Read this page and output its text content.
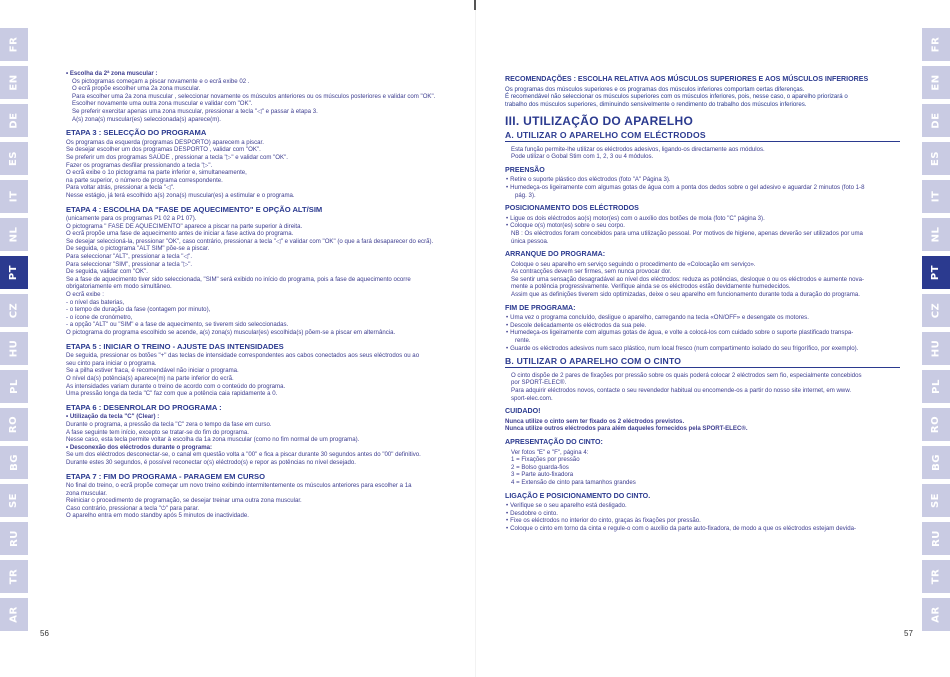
FR
EN
DE
ES
IT
NL
PT
CZ
HU
PL
RO
BG
SE
RU
TR
AR
• Escolha da 2ª zona muscular :
Os pictogramas começam a piscar novamente e o ecrã exibe 02 .
O ecrã propõe escolher uma 2a zona muscular.
Para escolher uma 2a zona muscular , seleccionar novamente os músculos anteriores ou os músculos posteriores e validar com "OK".
Escolher novamente uma outra zona muscular e validar com "OK".
Se preferir exercitar apenas uma zona muscular, pressionar a tecla "◁" e passar à etapa 3.
A(s) zona(s) muscular(es) seleccionada(s) aparece(m).
ETAPA 3 : SELECÇÃO DO PROGRAMA
Os programas da esquerda (programas DESPORTO) aparecem a piscar.
Se desejar escolher um dos programas DESPORTO , validar com "OK".
Se preferir um dos programas SAÚDE , pressionar a tecla "▷" e validar com "OK".
Fazer os programas desfilar pressionando a tecla "▷".
O ecrã exibe o 1o pictograma na parte inferior e, simultaneamente,
na parte superior, o número de programa correspondente.
Para voltar atrás, pressionar a tecla "◁".
Nesse estágio, já terá escolhido a(s) zona(s) muscular(es) a estimular e o programa.
ETAPA 4 : ESCOLHA DA "FASE DE AQUECIMENTO" E OPÇÃO ALT/SIM
(unicamente para os programas P1 02 a P1 07).
O pictograma " FASE DE AQUECIMENTO" aparece a piscar na parte superior à direita.
O ecrã propõe uma fase de aquecimento antes de iniciar a fase activa do programa.
Se desejar seleccioná-la, pressionar "OK", caso contrário, pressionar a tecla "◁" e validar com "OK" (o que a fará desaparecer do ecrã).
De seguida, o pictograma "ALT SIM" põe-se a piscar.
Para seleccionar "ALT", pressionar a tecla "◁".
Para seleccionar "SIM", pressionar a tecla "▷".
De seguida, validar com "OK".
Se a fase de aquecimento tiver sido seleccionada, "SIM" será exibido no início do programa, pois a fase de aquecimento ocorre
obrigatoriamente em modo simultâneo.
O ecrã exibe :
- o nível das baterias,
- o tempo de duração da fase (contagem por minuto),
- o ícone de cronómetro,
- a opção "ALT" ou "SIM" e a fase de aquecimento, se tiverem sido seleccionadas.
O pictograma do programa escolhido se acende, a(s) zona(s) muscular(es) escolhida(s) põem-se a piscar em alternância.
ETAPA 5 : INICIAR O TREINO - AJUSTE DAS INTENSIDADES
De seguida, pressionar os botões "+" das teclas de intensidade correspondentes aos cabos conectados aos seus eléctrodos ou ao
seu cinto para iniciar o programa.
Se a pilha estiver fraca, é recomendável não iniciar o programa.
O nível da(s) potência(s) aparece(m) na parte inferior do ecrã.
As intensidades variam durante o treino de acordo com o conteúdo do programa.
Uma pressão longa da tecla "C" faz com que a potência caia rapidamente a 0.
ETAPA 6 : DESENROLAR DO PROGRAMA :
• Utilização da tecla "C" (Clear) :
Durante o programa, a pressão da tecla "C" zera o tempo da fase em curso.
A fase seguinte tem início, excepto se tratar-se do fim do programa.
Nesse caso, esta tecla permite voltar à escolha da 1a zona muscular (como no fim normal de um programa).
• Desconexão dos eléctrodos durante o programa:
Se um dos eléctrodos desconectar-se, o canal em questão volta a "00" e fica a piscar durante 30 segundos antes do "00" definitivo.
Durante estes 30 segundos, é possível reconectar o(s) eléctrodo(s) e repor as potências no nível desejado.
ETAPA 7 : FIM DO PROGRAMA - PARAGEM EM CURSO
No final do treino, o ecrã propõe começar um novo treino exibindo intermitentemente os músculos anteriores para escolher a 1a
zona muscular.
Reiniciar o procedimento de programação, se desejar treinar uma outra zona muscular.
Caso contrário, pressionar a tecla "⏻" para parar.
O aparelho entra em modo standby após 5 minutos de inactividade.
56
FR
EN
DE
ES
IT
NL
PT
CZ
HU
PL
RO
BG
SE
RU
TR
AR
RECOMENDAÇÕES : ESCOLHA RELATIVA AOS MÚSCULOS SUPERIORES E AOS MÚSCULOS INFERIORES
Os programas dos músculos superiores e os programas dos músculos inferiores comportam certas diferenças.
É recomendável não seleccionar os músculos superiores com os músculos inferiores, pois, nesse caso, o aparelho priorizará o
trabalho dos músculos superiores, diminuindo sensivelmente o rendimento do trabalho dos músculos inferiores.
III. UTILIZAÇÃO DO APARELHO
A. UTILIZAR O APARELHO COM ELÉCTRODOS
Esta função permite-lhe utilizar os eléctrodos adesivos, ligando-os directamente aos módulos.
Pode utilizar o Gobal Stim com 1, 2, 3 ou 4 módulos.
PREENSÃO
• Retire o suporte plástico dos eléctrodos (foto "A" Página 3).
• Humedeça-os ligeiramente com algumas gotas de água com a ponta dos dedos sobre o gel adesivo e aguardar 2 minutos (foto 1-8
pág. 3).
POSICIONAMENTO DOS ELÉCTRODOS
• Ligue os dois eléctrodos ao(s) motor(es) com o auxílio dos botões de mola (foto "C" página 3).
• Coloque o(s) motor(es) sobre o seu corpo.
NB : Os eléctrodos foram concebidos para uma utilização pessoal. Por motivos de higiene, apenas deverão ser utilizados por uma
única pessoa.
ARRANQUE DO PROGRAMA:
Coloque o seu aparelho em serviço seguindo o procedimento de «Colocação em serviço».
As contracções devem ser firmes, sem nunca provocar dor.
Se sentir uma sensação desagradável ao nível dos eléctrodos: reduza as potências, desloque o ou os eléctrodos e aumente nova-
mente a potência progressivamente. Verifique ainda se os eléctrodos estão devidamente humedecidos.
Assim que as definições tiverem sido optimizadas, deixe o seu aparelho em funcionamento durante toda a duração do programa.
FIM DE PROGRAMA:
• Uma vez o programa concluído, desligue o aparelho, carregando na tecla «ON/OFF» e desengate os motores.
• Descole delicadamente os eléctrodos da sua pele.
• Humedeça-os ligeiramente com algumas gotas de água, e volte a colocá-los com cuidado sobre o suporte plastificado transpa-
rente.
• Guarde os eléctrodos adesivos num saco plástico, num local fresco (num compartimento isolado do seu frigorífico, por exemplo).
B. UTILIZAR O APARELHO COM O CINTO
O cinto dispõe de 2 pares de fixações por pressão sobre os quais poderá colocar 2 eléctrodos sem fio, especialmente concebidos
por SPORT-ELEC®.
Para adquirir eléctrodos novos, contacte o seu revendedor habitual ou encomende-os a partir do nosso site internet, em www.
sport-elec.com.
CUIDADO!
Nunca utilize o cinto sem ter fixado os 2 eléctrodos previstos.
Nunca utilize outros eléctrodos para além daqueles fornecidos pela SPORT-ELEC®.
APRESENTAÇÃO DO CINTO:
Ver fotos "E" e "F", página 4:
1 = Fixações por pressão
2 = Bolso guarda-fios
3 = Parte auto-fixadora
4 = Extensão de cinto para tamanhos grandes
LIGAÇÃO E POSICIONAMENTO DO CINTO.
• Verifique se o seu aparelho está desligado.
• Desdobre o cinto.
• Fixe os eléctrodos no interior do cinto, graças às fixações por pressão.
• Coloque o cinto em torno da cinta e regule-o com o auxílio da parte auto-fixadora, de modo a que os eléctrodos estejam devida-
57
